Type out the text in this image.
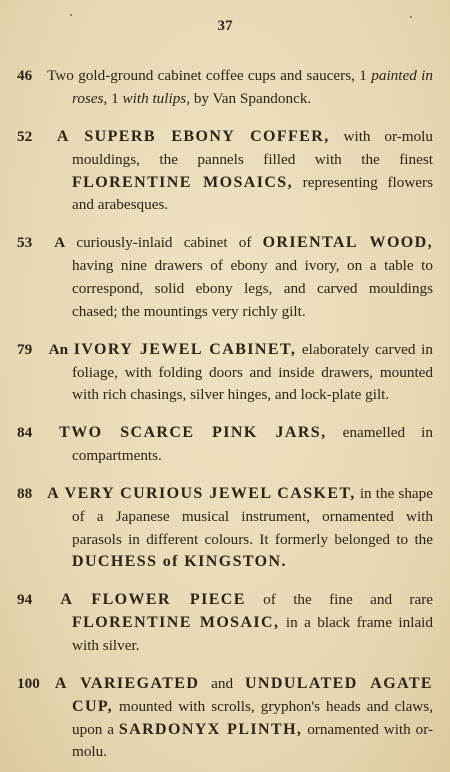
37

46 Two gold-ground cabinet coffee cups and saucers, 1 painted in roses, 1 with tulips, by Van Spandonck.

52 A SUPERB EBONY COFFER, with or-molu mouldings, the pannels filled with the finest FLORENTINE MOSAICS, representing flowers and arabesques.

53 A curiously-inlaid cabinet of ORIENTAL WOOD, having nine drawers of ebony and ivory, on a table to correspond, solid ebony legs, and carved mouldings chased; the mountings very richly gilt.

79 An IVORY JEWEL CABINET, elaborately carved in foliage, with folding doors and inside drawers, mounted with rich chasings, silver hinges, and lock-plate gilt.

84 TWO SCARCE PINK JARS, enamelled in compartments.

88 A VERY CURIOUS JEWEL CASKET, in the shape of a Japanese musical instrument, ornamented with parasols in different colours. It formerly belonged to the DUCHESS of KINGSTON.

94 A FLOWER PIECE of the fine and rare FLORENTINE MOSAIC, in a black frame inlaid with silver.

100 A VARIEGATED and UNDULATED AGATE CUP, mounted with scrolls, gryphon's heads and claws, upon a SARDONYX PLINTH, ornamented with or-molu.
